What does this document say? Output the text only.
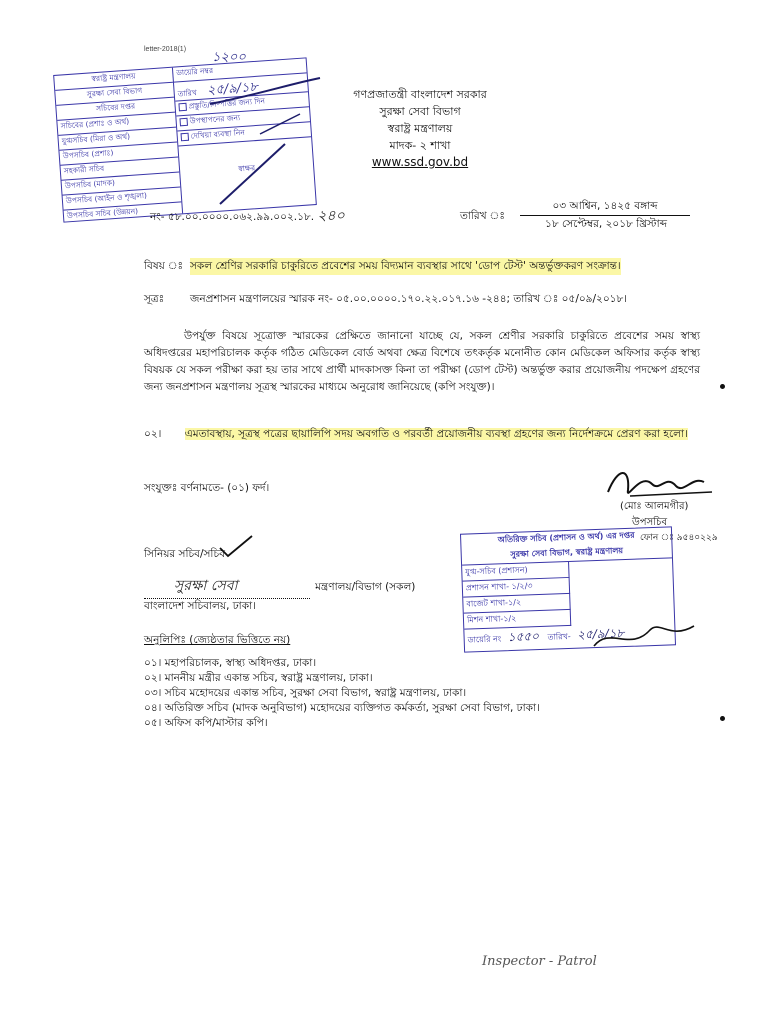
letter-2018(1)
১২০০
স্বরাষ্ট্র মন্ত্রণালয়
সুরক্ষা সেবা বিভাগ
সচিবের দপ্তর
সচিবের (প্রশাঃ ও অর্থ)
যুগ্মসচিব (মিরা ও অর্থ)
উপসচিব (প্রশাঃ)
সহকারী সচিব
উপসচিব (মাদক)
উপসচিব (আইন ও শৃঙ্খলা)
উপসচিব সচিব (উন্নয়ন)
ডায়েরি নম্বর
তারিখ ২৫/৯/১৮
প্রস্তুতি/নিষ্পত্তির জন্য দিন
উপস্থাপনের জন্য
দেখিয়া ব্যবস্থা নিন
স্বাক্ষর
গণপ্রজাতন্ত্রী বাংলাদেশ সরকার
সুরক্ষা সেবা বিভাগ
স্বরাষ্ট্র মন্ত্রণালয়
মাদক- ২ শাখা
www.ssd.gov.bd
নং- ৫৮.০০.০০০০.০৬২.৯৯.০০২.১৮. ২৪০	তারিখ ঃ
০৩ আশ্বিন, ১৪২৫ বঙ্গাব্দ
১৮ সেপ্টেম্বর, ২০১৮ খ্রিস্টাব্দ
বিষয় ঃ সকল শ্রেণির সরকারি চাকুরিতে প্রবেশের সময় বিদ্যমান ব্যবস্থার সাথে 'ডোপ টেস্ট' অন্তর্ভুক্তকরণ সংক্রান্ত।
সূত্রঃ জনপ্রশাসন মন্ত্রণালয়ের স্মারক নং- ০৫.০০.০০০০.১৭০.২২.০১৭.১৬ -২৪৪; তারিখ ঃ ০৫/০৯/২০১৮।
উপর্যুক্ত বিষয়ে সূত্রোক্ত স্মারকের প্রেক্ষিতে জানানো যাচ্ছে যে, সকল শ্রেণীর সরকারি চাকুরিতে প্রবেশের সময় স্বাস্থ্য অধিদপ্তরের মহাপরিচালক কর্তৃক গঠিত মেডিকেল বোর্ড অথবা ক্ষেত্র বিশেষে তৎকর্তৃক মনোনীত কোন মেডিকেল অফিসার কর্তৃক স্বাস্থ্য বিষয়ক যে সকল পরীক্ষা করা হয় তার সাথে প্রার্থী মাদকাসক্ত কিনা তা পরীক্ষা (ডোপ টেস্ট) অন্তর্ভুক্ত করার প্রয়োজনীয় পদক্ষেপ গ্রহণের জন্য জনপ্রশাসন মন্ত্রণালয় সূত্রস্থ স্মারকের মাধ্যমে অনুরোধ জানিয়েছে (কপি সংযুক্ত)।
০২। এমতাবস্থায়, সূত্রস্থ পত্রের ছায়ালিপি সদয় অবগতি ও পরবর্তী প্রয়োজনীয় ব্যবস্থা গ্রহণের জন্য নির্দেশক্রমে প্রেরণ করা হলো।
সংযুক্তঃ বর্ণনামতে- (০১) ফর্দ।
(মোঃ আলমগীর)
উপসচিব
ফোন ঃ ৯৫৪০২২৯
সিনিয়র সচিব/সচিব
সুরক্ষা সেবা	মন্ত্রণালয়/বিভাগ (সকল)
বাংলাদেশ সচিবালয়, ঢাকা।
অতিরিক্ত সচিব (প্রশাসন ও অর্থ) এর দপ্তর
সুরক্ষা সেবা বিভাগ, স্বরাষ্ট্র মন্ত্রণালয়
যুগ্ম-সচিব (প্রশাসন)
প্রশাসন শাখা- ১/২/৩
বাজেট শাখা-১/২
মিশন শাখা-১/২
ডায়েরি নং ১৫৫০ তারিখ- ২৫/৯/১৮
অনুলিপিঃ (জ্যেষ্ঠতার ভিত্তিতে নয়)
০১। মহাপরিচালক, স্বাস্থ্য অধিদপ্তর, ঢাকা।
০২। মাননীয় মন্ত্রীর একান্ত সচিব, স্বরাষ্ট্র মন্ত্রণালয়, ঢাকা।
০৩। সচিব মহোদয়ের একান্ত সচিব, সুরক্ষা সেবা বিভাগ, স্বরাষ্ট্র মন্ত্রণালয়, ঢাকা।
০৪। অতিরিক্ত সচিব (মাদক অনুবিভাগ) মহোদয়ের ব্যক্তিগত কর্মকর্তা, সুরক্ষা সেবা বিভাগ, ঢাকা।
০৫। অফিস কপি/মাস্টার কপি।
Inspector - Patrol
